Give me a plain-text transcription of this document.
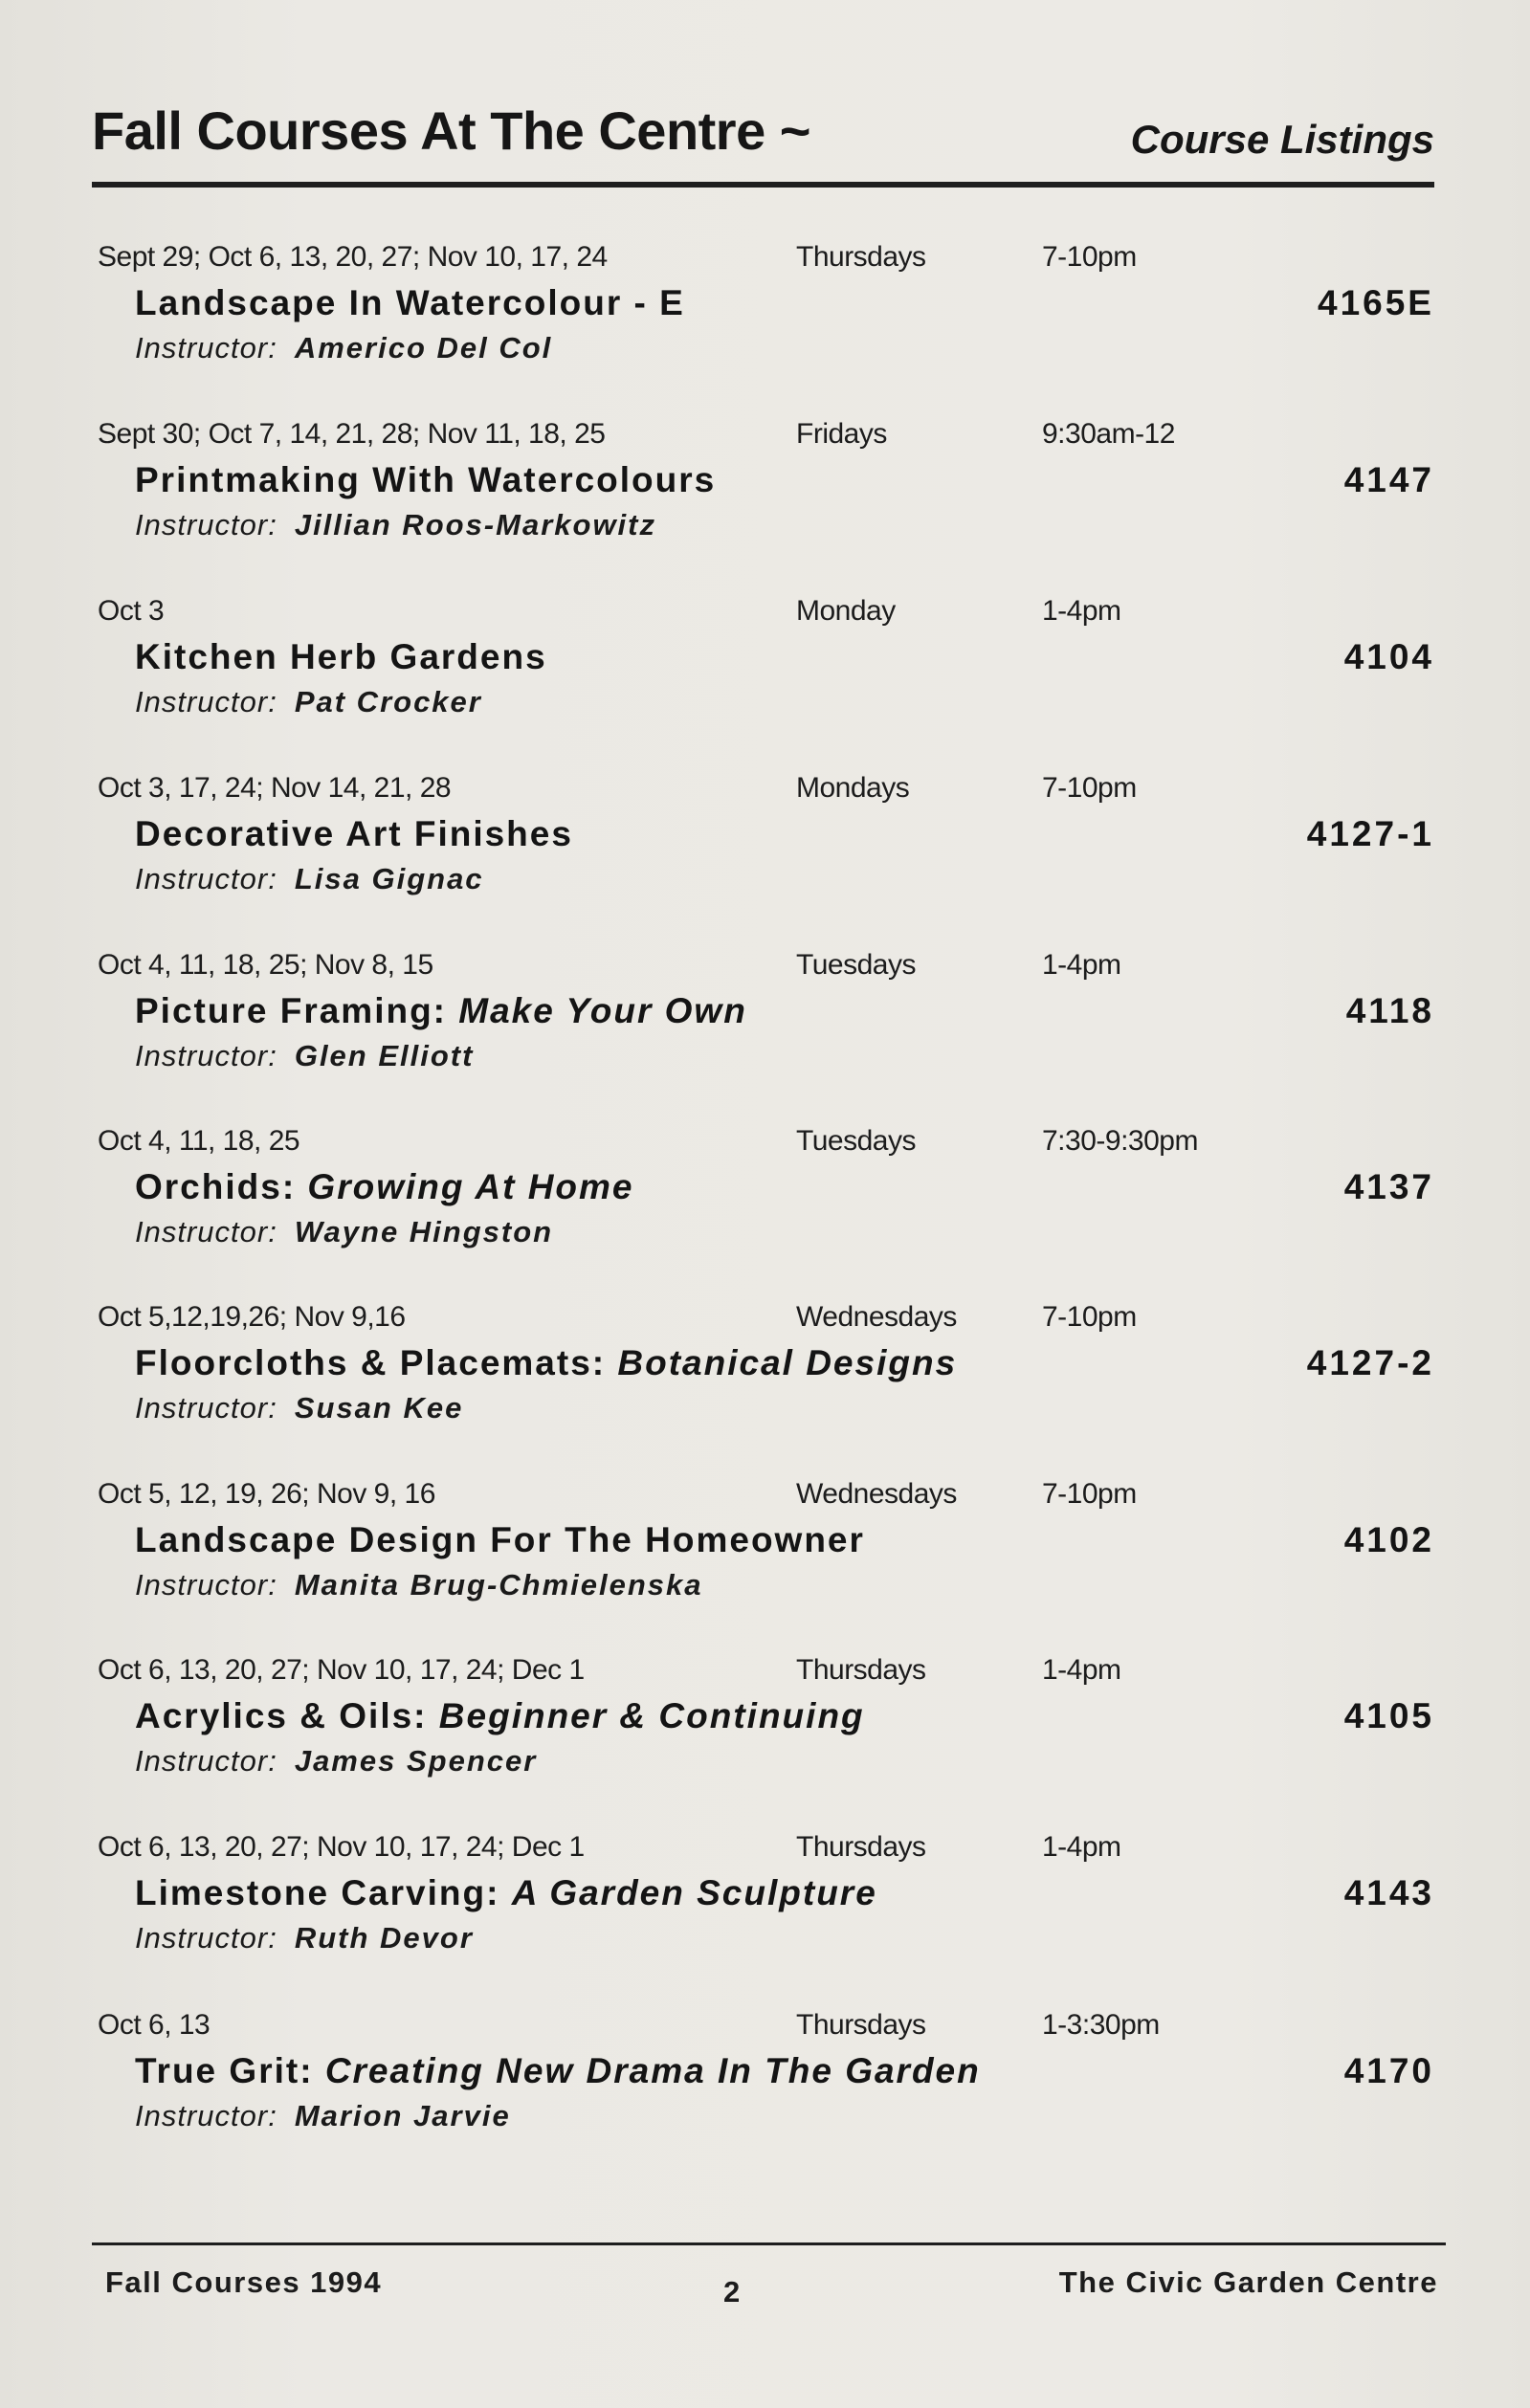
Fall Courses At The Centre ~	Course Listings
Sept 29; Oct 6, 13, 20, 27; Nov 10, 17, 24	Thursdays	7-10pm
Landscape In Watercolour - E	4165E
Instructor: Americo Del Col
Sept 30; Oct 7, 14, 21, 28; Nov 11, 18, 25	Fridays	9:30am-12
Printmaking With Watercolours	4147
Instructor: Jillian Roos-Markowitz
Oct 3	Monday	1-4pm
Kitchen Herb Gardens	4104
Instructor: Pat Crocker
Oct 3, 17, 24; Nov 14, 21, 28	Mondays	7-10pm
Decorative Art Finishes	4127-1
Instructor: Lisa Gignac
Oct 4, 11, 18, 25; Nov 8, 15	Tuesdays	1-4pm
Picture Framing: Make Your Own	4118
Instructor: Glen Elliott
Oct 4, 11, 18, 25	Tuesdays	7:30-9:30pm
Orchids: Growing At Home	4137
Instructor: Wayne Hingston
Oct 5,12,19,26; Nov 9,16	Wednesdays	7-10pm
Floorcloths & Placemats: Botanical Designs	4127-2
Instructor: Susan Kee
Oct 5, 12, 19, 26; Nov 9, 16	Wednesdays	7-10pm
Landscape Design For The Homeowner	4102
Instructor: Manita Brug-Chmielenska
Oct 6, 13, 20, 27; Nov 10, 17, 24; Dec 1	Thursdays	1-4pm
Acrylics & Oils: Beginner & Continuing	4105
Instructor: James Spencer
Oct 6, 13, 20, 27; Nov 10, 17, 24; Dec 1	Thursdays	1-4pm
Limestone Carving: A Garden Sculpture	4143
Instructor: Ruth Devor
Oct 6, 13	Thursdays	1-3:30pm
True Grit: Creating New Drama In The Garden	4170
Instructor: Marion Jarvie
Fall Courses 1994	2	The Civic Garden Centre
